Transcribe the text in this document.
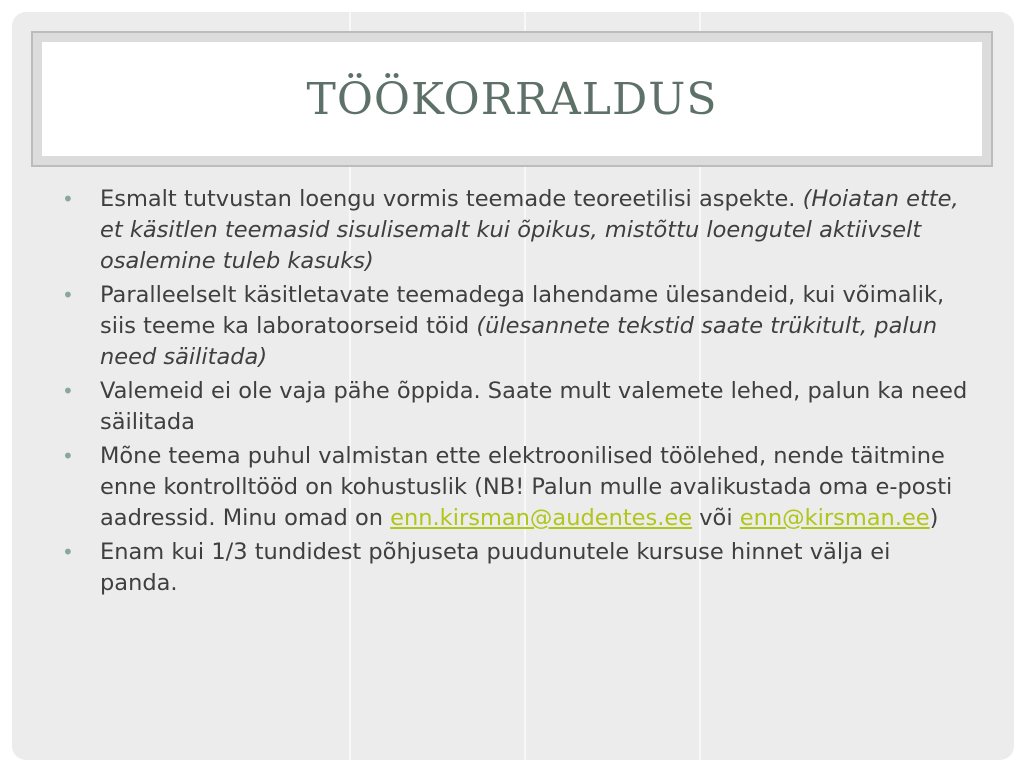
TÖÖKORRALDUS
• Esmalt tutvustan loengu vormis teemade teoreetilisi aspekte. (Hoiatan ette, et käsitlen teemasid sisulisemalt kui õpikus, mistõttu loengutel aktiivselt osalemine tuleb kasuks)
• Paralleelselt käsitletavate teemadega lahendame ülesandeid, kui võimalik, siis teeme ka laboratoorseid töid (ülesannete tekstid saate trükitult, palun need säilitada)
• Valemeid ei ole vaja pähe õppida. Saate mult valemete lehed, palun ka need säilitada
• Mõne teema puhul valmistan ette elektroonilised töölehed, nende täitmine enne kontrolltööd on kohustuslik (NB! Palun mulle avalikustada oma e-posti aadressid. Minu omad on enn.kirsman@audentes.ee või enn@kirsman.ee)
• Enam kui 1/3 tundidest põhjuseta puudunutele kursuse hinnet välja ei panda.
